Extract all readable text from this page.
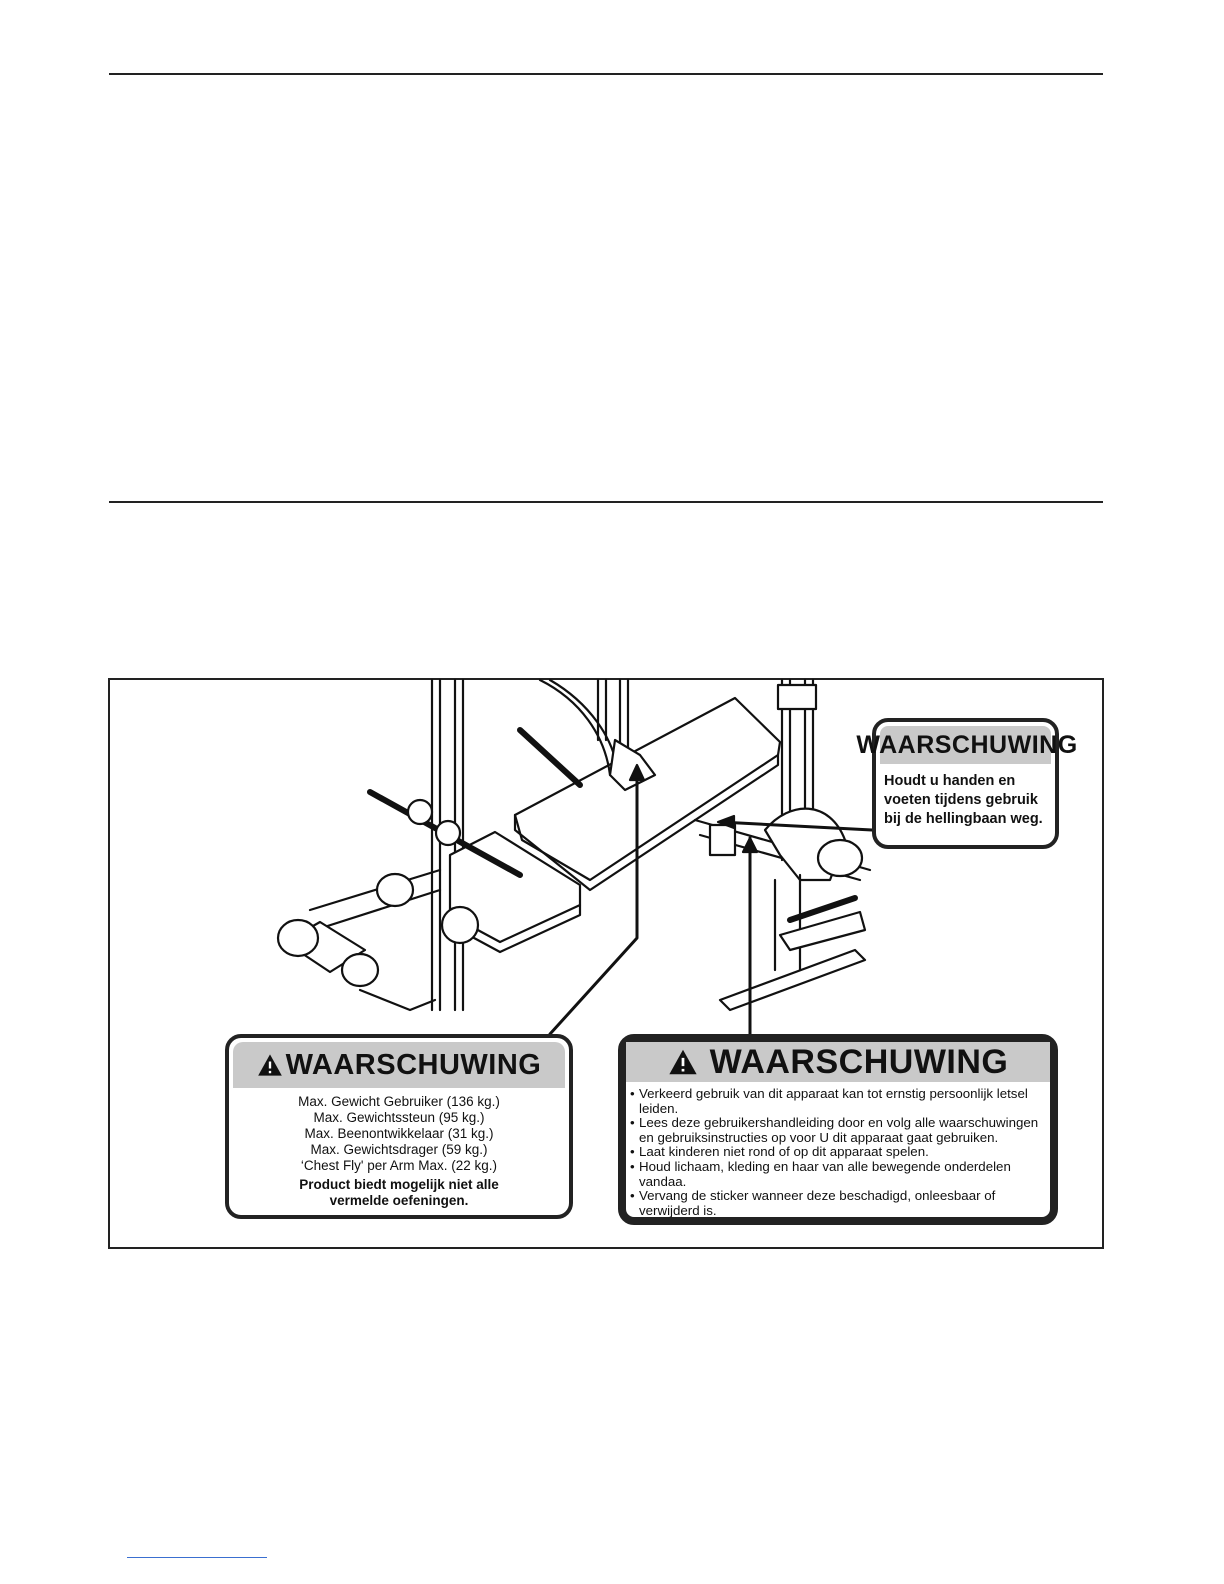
WAARSCHUWING
Houdt u handen en
voeten tijdens gebruik
bij de hellingbaan weg.
WAARSCHUWING
Max. Gewicht Gebruiker (136 kg.)
Max. Gewichtssteun (95 kg.)
Max. Beenontwikkelaar (31 kg.)
Max. Gewichtsdrager (59 kg.)
‘Chest Fly' per Arm Max. (22 kg.)
Product biedt mogelijk niet alle
vermelde oefeningen.
WAARSCHUWING
• Verkeerd gebruik van dit apparaat kan tot ernstig persoonlijk letsel leiden.
• Lees deze gebruikershandleiding door en volg alle waarschuwingen en gebruiksinstructies op voor U dit apparaat gaat gebruiken.
• Laat kinderen niet rond of op dit apparaat spelen.
• Houd lichaam, kleding en haar van alle bewegende onderdelen vandaa.
• Vervang de sticker wanneer deze beschadigd, onleesbaar of verwijderd is.
